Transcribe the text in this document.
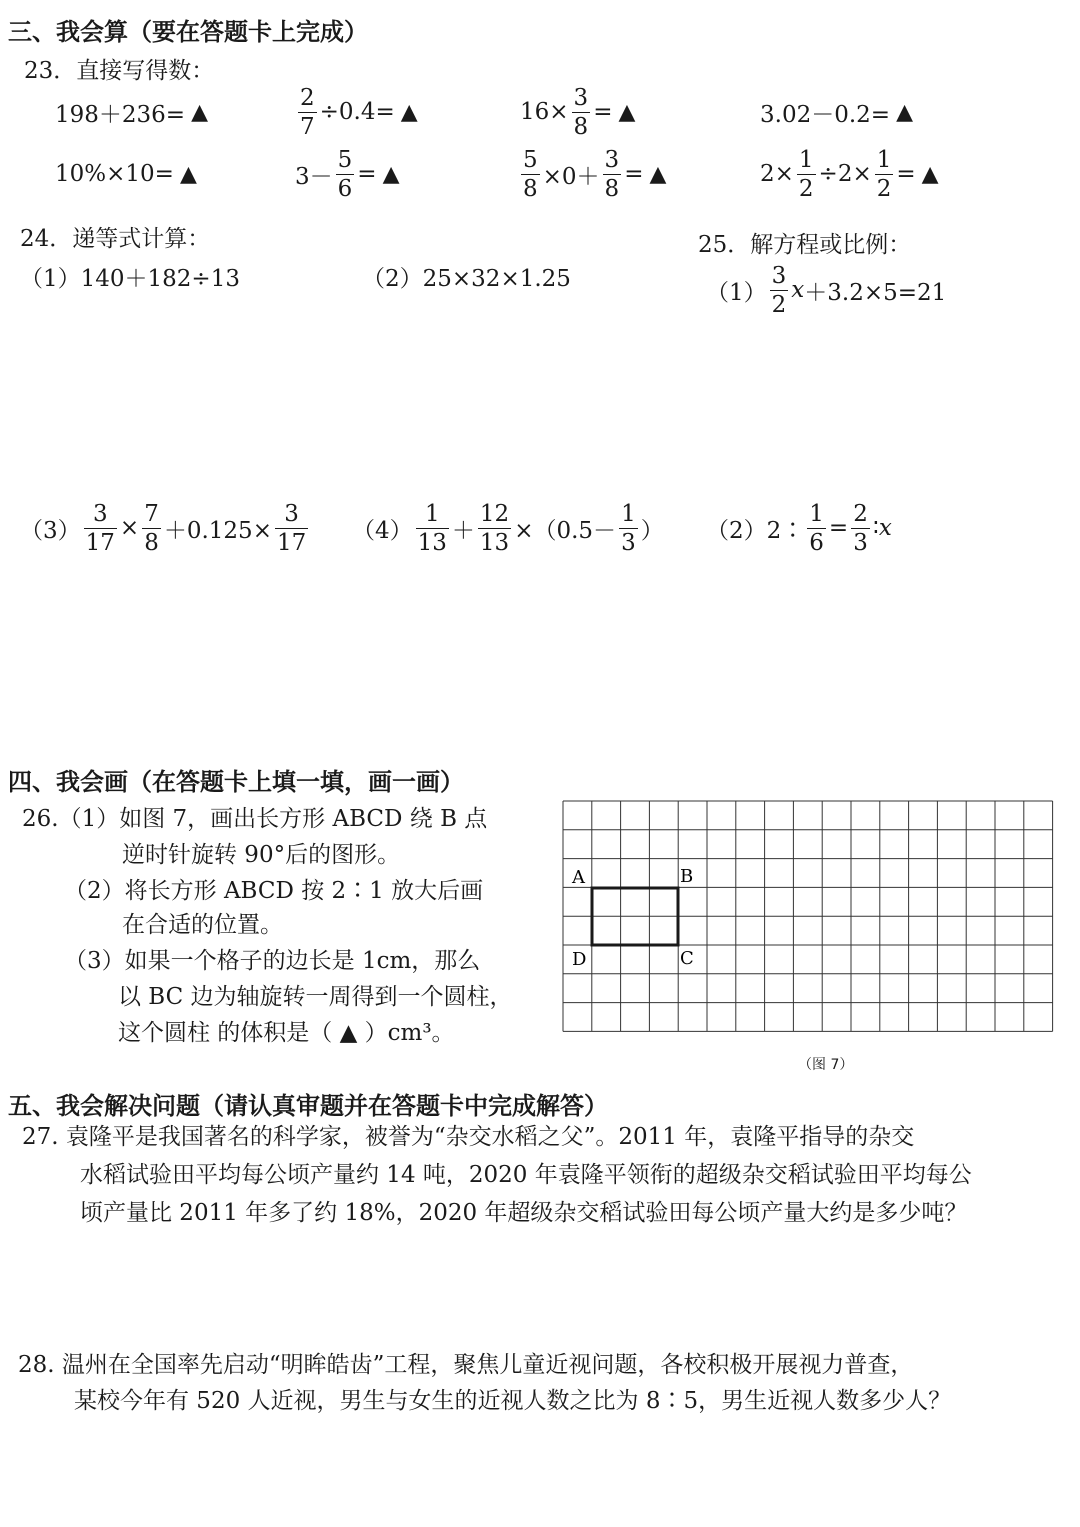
三、我会算（要在答题卡上完成）
23．直接写得数：
198＋236= ▲
2
7
÷0.4= ▲	16×
3
8
= ▲	3.02－0.2= ▲
10%×10= ▲	3－
5
6
= ▲
5
8 ×0＋
3
8
= ▲	2×
1
2
÷2×
1
2
= ▲
24．递等式计算：
（1）140＋182÷13	（2）25×32×1.25
（3）
3
17
×
7
8 ＋0.125×
3
17 （4）
1
13 ＋
12
13 ×（0.5－
1
3 ）
25．解方程或比例：
（1）
3
2
x ＋3.2×5=21
（2）2∶
1
6
=
2
3
∶ x
四、我会画（在答题卡上填一填，画一画）
26.（1）如图 7，画出长方形 ABCD 绕 B 点
逆时针旋转 90°后的图形。
（2）将长方形 ABCD 按 2∶1 放大后画
在合适的位置。
（3）如果一个格子的边长是 1cm，那么
以 BC 边为轴旋转一周得到一个圆柱，
这个圆柱 的体积是（ ▲ ）cm³。
A	B
D	C
（图 7）
五、我会解决问题（请认真审题并在答题卡中完成解答）
27. 袁隆平是我国著名的科学家，被誉为“杂交水稻之父”。2011 年，袁隆平指导的杂交
水稻试验田平均每公顷产量约 14 吨，2020 年袁隆平领衔的超级杂交稻试验田平均每公
顷产量比 2011 年多了约 18%，2020 年超级杂交稻试验田每公顷产量大约是多少吨？
28. 温州在全国率先启动“明眸皓齿”工程，聚焦儿童近视问题，各校积极开展视力普查，
某校今年有 520 人近视，男生与女生的近视人数之比为 8∶5，男生近视人数多少人？
